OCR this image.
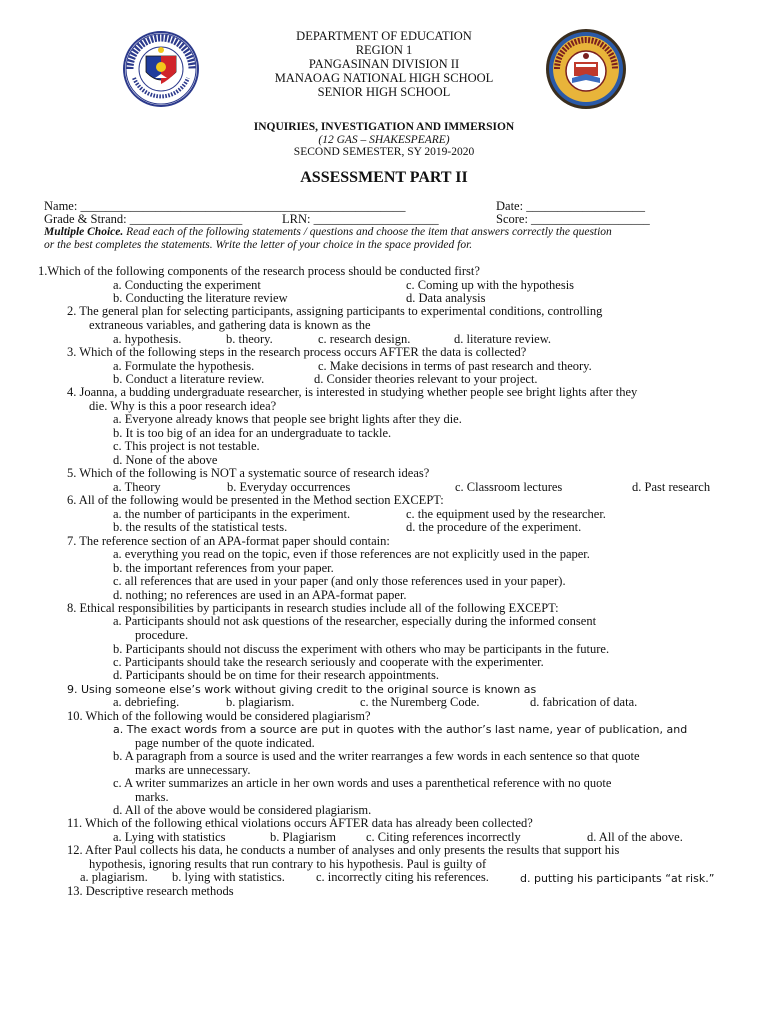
DEPARTMENT OF EDUCATION
REGION 1
PANGASINAN DIVISION II
MANAOAG NATIONAL HIGH SCHOOL
SENIOR HIGH SCHOOL
INQUIRIES, INVESTIGATION AND IMMERSION
(12 GAS – SHAKESPEARE)
SECOND SEMESTER, SY 2019-2020
ASSESSMENT PART II
Name: ____________________________________________________	Date: ___________________
Grade & Strand: __________________	LRN: ____________________	Score: ___________________
Multiple Choice. Read each of the following statements / questions and choose the item that answers correctly the question
or the best completes the statements. Write the letter of your choice in the space provided for.
1.Which of the following components of the research process should be conducted first?
a. Conducting the experiment	c. Coming up with the hypothesis
b. Conducting the literature review	d. Data analysis
2. The general plan for selecting participants, assigning participants to experimental conditions, controlling
extraneous variables, and gathering data is known as the
a. hypothesis.	b. theory.	c. research design.	d. literature review.
3. Which of the following steps in the research process occurs AFTER the data is collected?
a. Formulate the hypothesis.	c. Make decisions in terms of past research and theory.
b. Conduct a literature review.	d. Consider theories relevant to your project.
4. Joanna, a budding undergraduate researcher, is interested in studying whether people see bright lights after they
die. Why is this a poor research idea?
a. Everyone already knows that people see bright lights after they die.
b. It is too big of an idea for an undergraduate to tackle.
c. This project is not testable.
d. None of the above
5. Which of the following is NOT a systematic source of research ideas?
a. Theory	b. Everyday occurrences	c. Classroom lectures	d. Past research
6. All of the following would be presented in the Method section EXCEPT:
a. the number of participants in the experiment.	c. the equipment used by the researcher.
b. the results of the statistical tests.	d. the procedure of the experiment.
7. The reference section of an APA-format paper should contain:
a. everything you read on the topic, even if those references are not explicitly used in the paper.
b. the important references from your paper.
c. all references that are used in your paper (and only those references used in your paper).
d. nothing; no references are used in an APA-format paper.
8. Ethical responsibilities by participants in research studies include all of the following EXCEPT:
a. Participants should not ask questions of the researcher, especially during the informed consent
procedure.
b. Participants should not discuss the experiment with others who may be participants in the future.
c. Participants should take the research seriously and cooperate with the experimenter.
d. Participants should be on time for their research appointments.
9. Using someone else’s work without giving credit to the original source is known as
a. debriefing.	b. plagiarism.	c. the Nuremberg Code.	d. fabrication of data.
10. Which of the following would be considered plagiarism?
a. The exact words from a source are put in quotes with the author’s last name, year of publication, and
page number of the quote indicated.
b. A paragraph from a source is used and the writer rearranges a few words in each sentence so that quote
marks are unnecessary.
c. A writer summarizes an article in her own words and uses a parenthetical reference with no quote
marks.
d. All of the above would be considered plagiarism.
11. Which of the following ethical violations occurs AFTER data has already been collected?
a. Lying with statistics	b. Plagiarism c. Citing references incorrectly	d. All of the above.
12. After Paul collects his data, he conducts a number of analyses and only presents the results that support his
hypothesis, ignoring results that run contrary to his hypothesis. Paul is guilty of
a. plagiarism. b. lying with statistics. c. incorrectly citing his references.	d. putting his participants “at risk.”
13. Descriptive research methods
